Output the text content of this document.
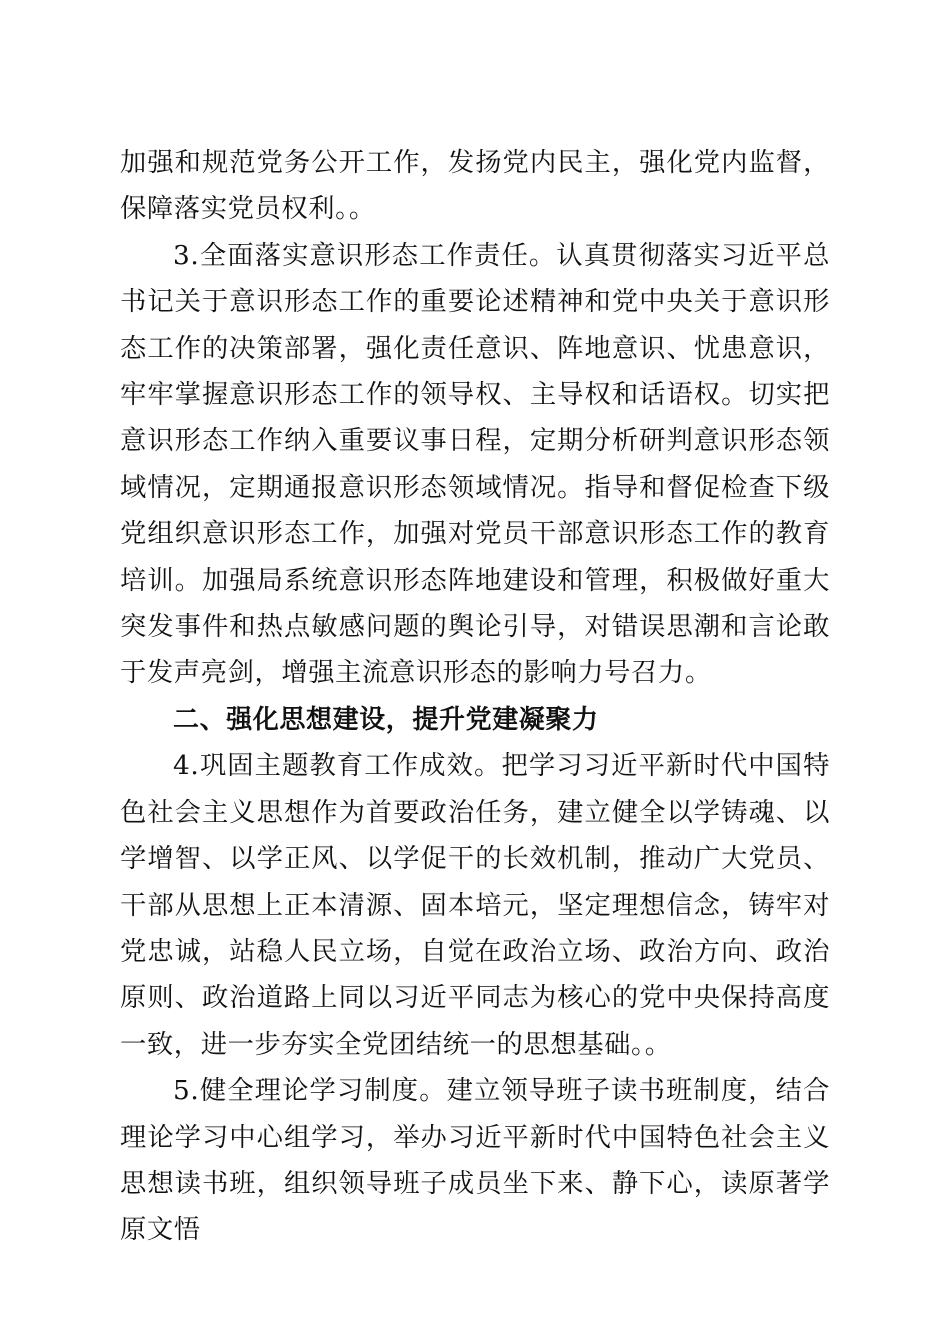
加强和规范党务公开工作，发扬党内民主，强化党内监督，保障落实党员权利。。

3.全面落实意识形态工作责任。认真贯彻落实习近平总书记关于意识形态工作的重要论述精神和党中央关于意识形态工作的决策部署，强化责任意识、阵地意识、忧患意识，牢牢掌握意识形态工作的领导权、主导权和话语权。切实把意识形态工作纳入重要议事日程，定期分析研判意识形态领域情况，定期通报意识形态领域情况。指导和督促检查下级党组织意识形态工作，加强对党员干部意识形态工作的教育培训。加强局系统意识形态阵地建设和管理，积极做好重大突发事件和热点敏感问题的舆论引导，对错误思潮和言论敢于发声亮剑，增强主流意识形态的影响力号召力。

二、强化思想建设，提升党建凝聚力

4.巩固主题教育工作成效。把学习习近平新时代中国特色社会主义思想作为首要政治任务，建立健全以学铸魂、以学增智、以学正风、以学促干的长效机制，推动广大党员、干部从思想上正本清源、固本培元，坚定理想信念，铸牢对党忠诚，站稳人民立场，自觉在政治立场、政治方向、政治原则、政治道路上同以习近平同志为核心的党中央保持高度一致，进一步夯实全党团结统一的思想基础。。

5.健全理论学习制度。建立领导班子读书班制度，结合理论学习中心组学习，举办习近平新时代中国特色社会主义思想读书班，组织领导班子成员坐下来、静下心，读原著学原文悟
